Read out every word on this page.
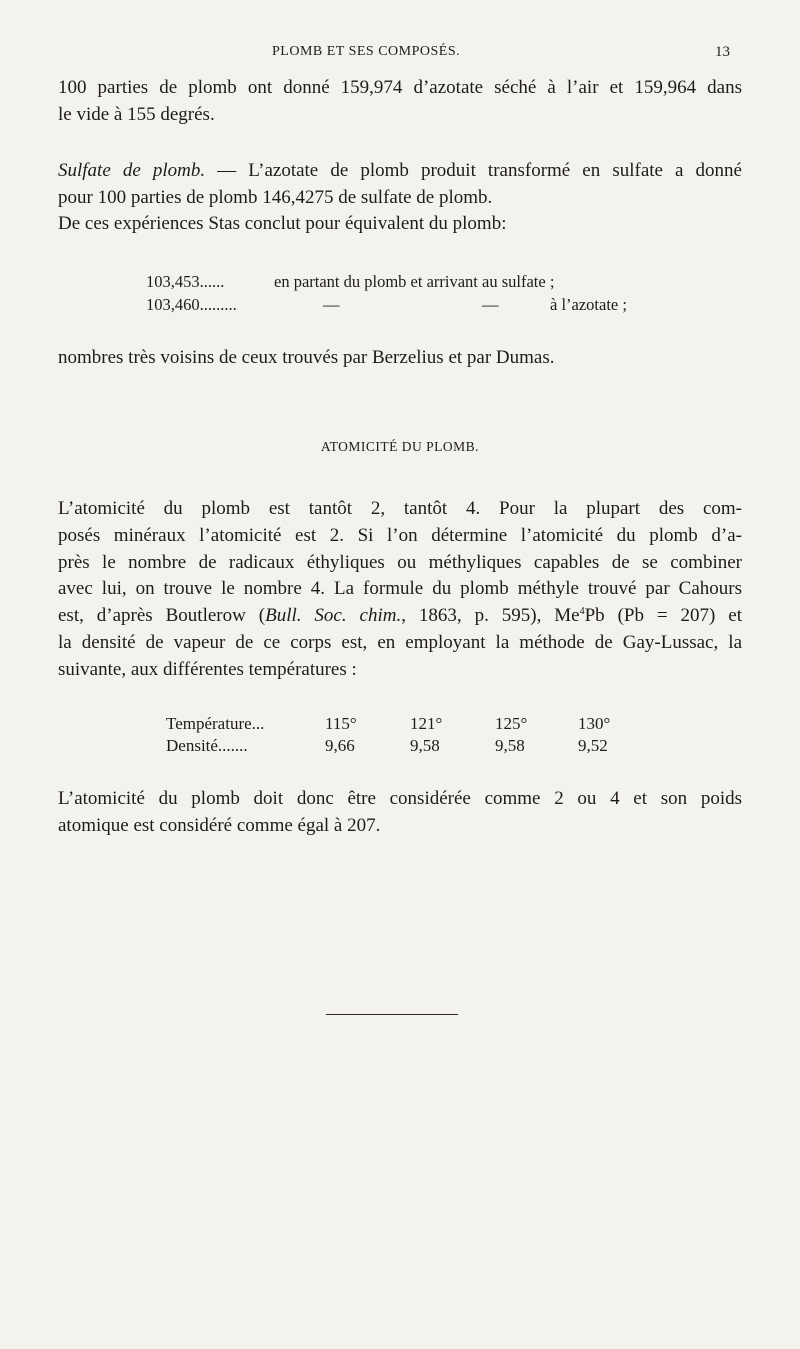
PLOMB ET SES COMPOSÉS.	13
100 parties de plomb ont donné 159,974 d’azotate séché à l’air et 159,964 dans
le vide à 155 degrés.
Sulfate de plomb. — L’azotate de plomb produit transformé en sulfate a donné
pour 100 parties de plomb 146,4275 de sulfate de plomb.
De ces expériences Stas conclut pour équivalent du plomb:
103,453......	en partant du plomb et arrivant au sulfate ;
103,460.........	—	—	à l’azotate ;
nombres très voisins de ceux trouvés par Berzelius et par Dumas.
ATOMICITÉ DU PLOMB.
L’atomicité du plomb est tantôt 2, tantôt 4. Pour la plupart des com-
posés minéraux l’atomicité est 2. Si l’on détermine l’atomicité du plomb d’a-
près le nombre de radicaux éthyliques ou méthyliques capables de se combiner
avec lui, on trouve le nombre 4. La formule du plomb méthyle trouvé par Cahours
est, d’après Boutlerow (Bull. Soc. chim., 1863, p. 595), Me$^4$Pb (Pb = 207) et
la densité de vapeur de ce corps est, en employant la méthode de Gay-Lussac, la
suivante, aux différentes températures :
Température...	115°	121°	125°	130°
Densité.......	9,66	9,58	9,58	9,52
L’atomicité du plomb doit donc être considérée comme 2 ou 4 et son poids
atomique est considéré comme égal à 207.
